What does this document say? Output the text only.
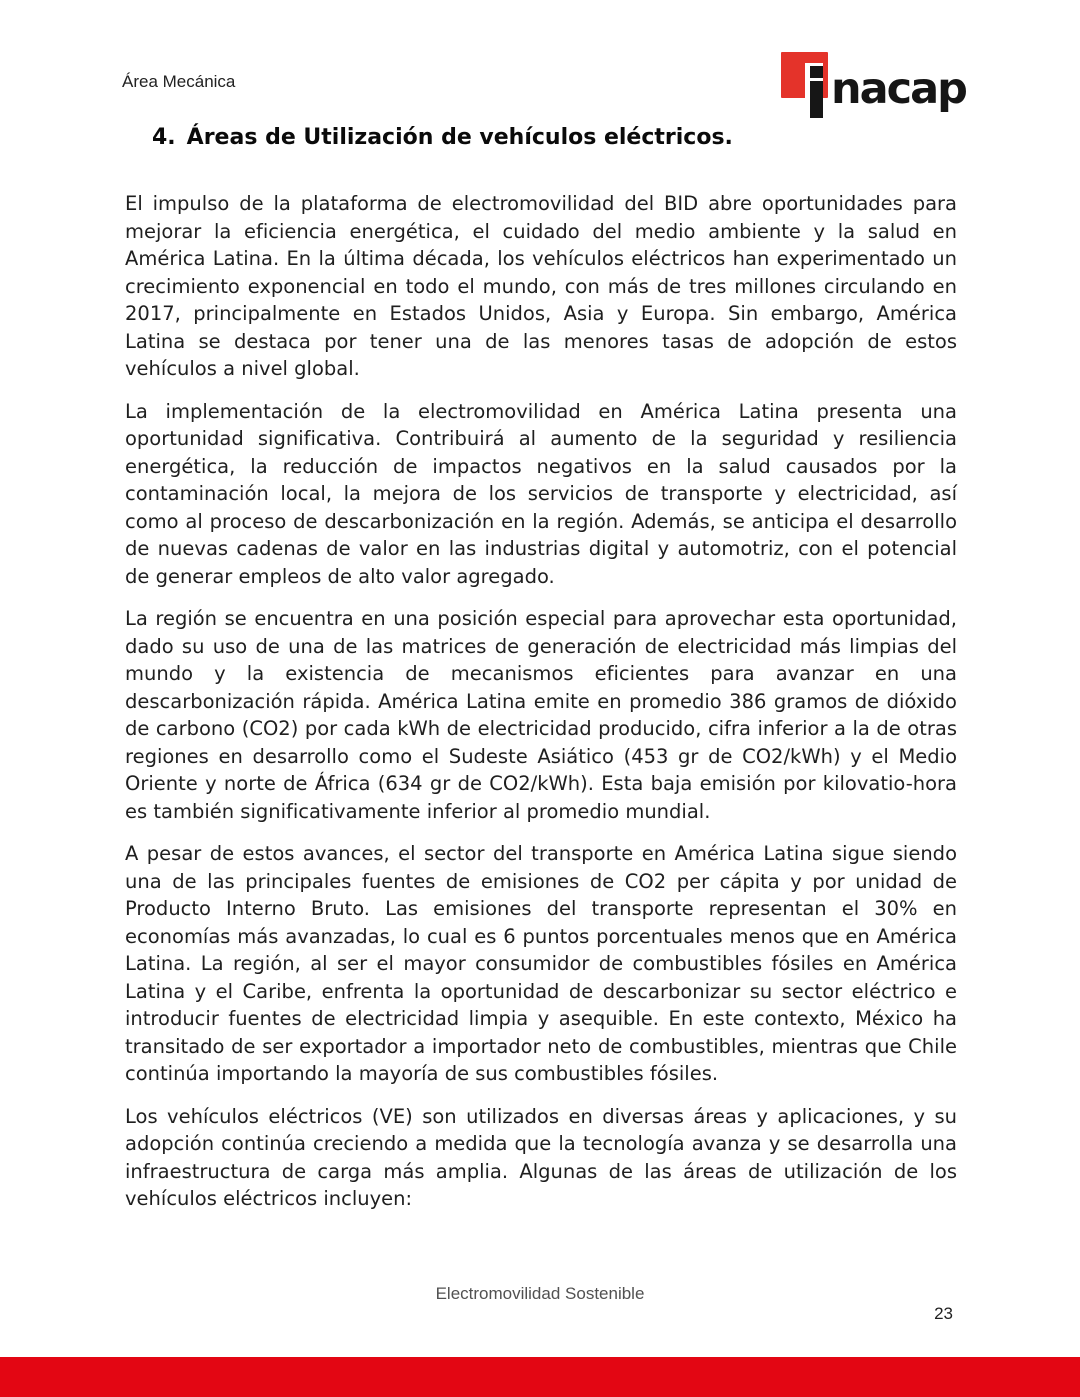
Área Mecánica	nacap
4. Áreas de Utilización de vehículos eléctricos.

El impulso de la plataforma de electromovilidad del BID abre oportunidades para mejorar la eficiencia energética, el cuidado del medio ambiente y la salud en América Latina. En la última década, los vehículos eléctricos han experimentado un crecimiento exponencial en todo el mundo, con más de tres millones circulando en 2017, principalmente en Estados Unidos, Asia y Europa. Sin embargo, América Latina se destaca por tener una de las menores tasas de adopción de estos vehículos a nivel global.

La implementación de la electromovilidad en América Latina presenta una oportunidad significativa. Contribuirá al aumento de la seguridad y resiliencia energética, la reducción de impactos negativos en la salud causados por la contaminación local, la mejora de los servicios de transporte y electricidad, así como al proceso de descarbonización en la región. Además, se anticipa el desarrollo de nuevas cadenas de valor en las industrias digital y automotriz, con el potencial de generar empleos de alto valor agregado.

La región se encuentra en una posición especial para aprovechar esta oportunidad, dado su uso de una de las matrices de generación de electricidad más limpias del mundo y la existencia de mecanismos eficientes para avanzar en una descarbonización rápida. América Latina emite en promedio 386 gramos de dióxido de carbono (CO2) por cada kWh de electricidad producido, cifra inferior a la de otras regiones en desarrollo como el Sudeste Asiático (453 gr de CO2/kWh) y el Medio Oriente y norte de África (634 gr de CO2/kWh). Esta baja emisión por kilovatio-hora es también significativamente inferior al promedio mundial.

A pesar de estos avances, el sector del transporte en América Latina sigue siendo una de las principales fuentes de emisiones de CO2 per cápita y por unidad de Producto Interno Bruto. Las emisiones del transporte representan el 30% en economías más avanzadas, lo cual es 6 puntos porcentuales menos que en América Latina. La región, al ser el mayor consumidor de combustibles fósiles en América Latina y el Caribe, enfrenta la oportunidad de descarbonizar su sector eléctrico e introducir fuentes de electricidad limpia y asequible. En este contexto, México ha transitado de ser exportador a importador neto de combustibles, mientras que Chile continúa importando la mayoría de sus combustibles fósiles.

Los vehículos eléctricos (VE) son utilizados en diversas áreas y aplicaciones, y su adopción continúa creciendo a medida que la tecnología avanza y se desarrolla una infraestructura de carga más amplia. Algunas de las áreas de utilización de los vehículos eléctricos incluyen:

Electromovilidad Sostenible
23
